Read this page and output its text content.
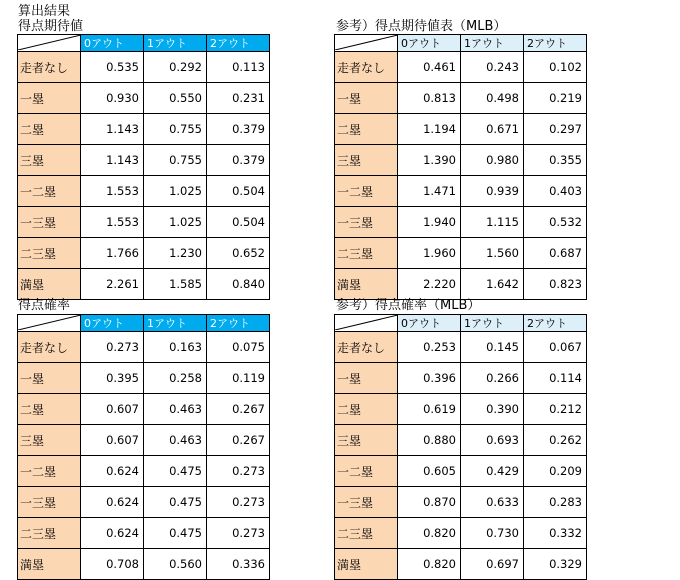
算出結果
得点期待値
	0アウト	1アウト	2アウト
走者なし	0.535	0.292	0.113
一塁	0.930	0.550	0.231
二塁	1.143	0.755	0.379
三塁	1.143	0.755	0.379
一二塁	1.553	1.025	0.504
一三塁	1.553	1.025	0.504
二三塁	1.766	1.230	0.652
満塁	2.261	1.585	0.840
参考）得点期待値表（MLB）
	0アウト	1アウト	2アウト
走者なし	0.461	0.243	0.102
一塁	0.813	0.498	0.219
二塁	1.194	0.671	0.297
三塁	1.390	0.980	0.355
一二塁	1.471	0.939	0.403
一三塁	1.940	1.115	0.532
二三塁	1.960	1.560	0.687
満塁	2.220	1.642	0.823
得点確率
	0アウト	1アウト	2アウト
走者なし	0.273	0.163	0.075
一塁	0.395	0.258	0.119
二塁	0.607	0.463	0.267
三塁	0.607	0.463	0.267
一二塁	0.624	0.475	0.273
一三塁	0.624	0.475	0.273
二三塁	0.624	0.475	0.273
満塁	0.708	0.560	0.336
参考）得点確率（MLB）
	0アウト	1アウト	2アウト
走者なし	0.253	0.145	0.067
一塁	0.396	0.266	0.114
二塁	0.619	0.390	0.212
三塁	0.880	0.693	0.262
一二塁	0.605	0.429	0.209
一三塁	0.870	0.633	0.283
二三塁	0.820	0.730	0.332
満塁	0.820	0.697	0.329
